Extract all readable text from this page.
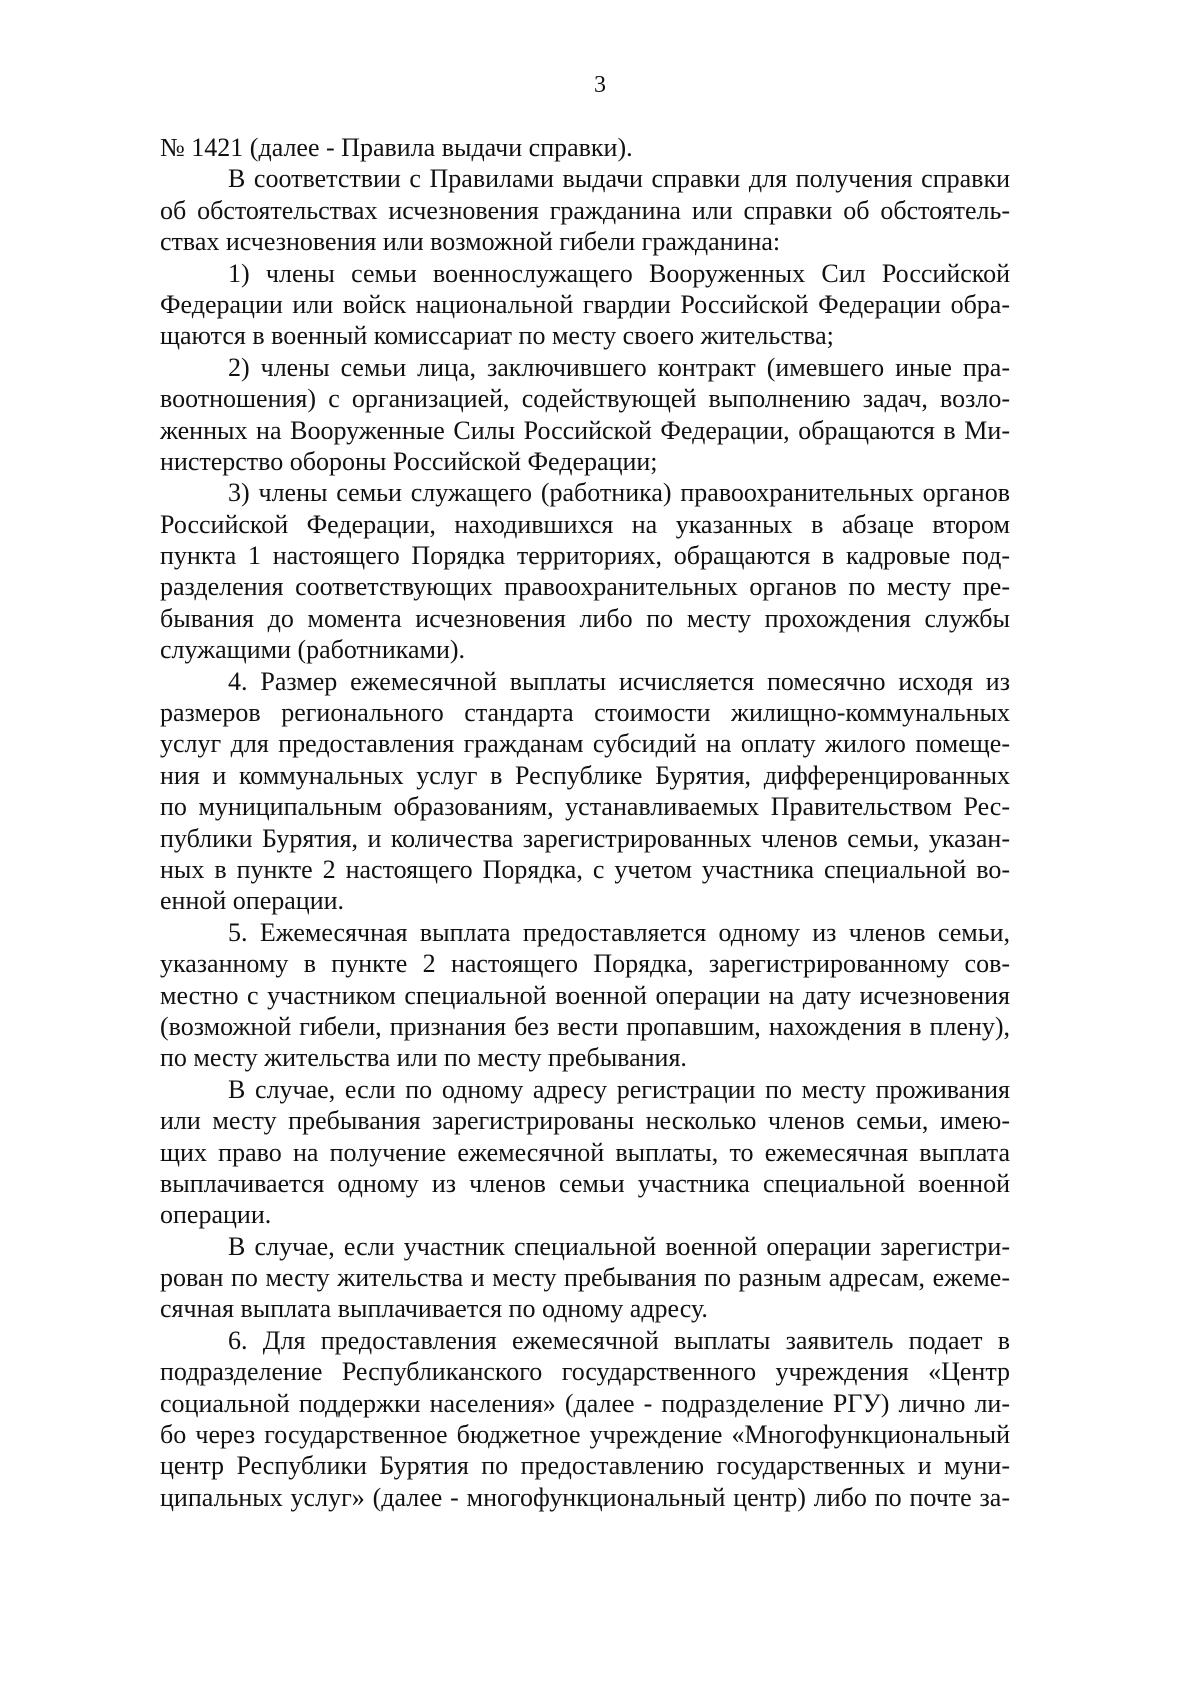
3
№ 1421 (далее - Правила выдачи справки).
В соответствии с Правилами выдачи справки для получения справки
об обстоятельствах исчезновения гражданина или справки об обстоятель-
ствах исчезновения или возможной гибели гражданина:
1) члены семьи военнослужащего Вооруженных Сил Российской
Федерации или войск национальной гвардии Российской Федерации обра-
щаются в военный комиссариат по месту своего жительства;
2) члены семьи лица, заключившего контракт (имевшего иные пра-
воотношения) с организацией, содействующей выполнению задач, возло-
женных на Вооруженные Силы Российской Федерации, обращаются в Ми-
нистерство обороны Российской Федерации;
3) члены семьи служащего (работника) правоохранительных органов
Российской Федерации, находившихся на указанных в абзаце втором
пункта 1 настоящего Порядка территориях, обращаются в кадровые под-
разделения соответствующих правоохранительных органов по месту пре-
бывания до момента исчезновения либо по месту прохождения службы
служащими (работниками).
4. Размер ежемесячной выплаты исчисляется помесячно исходя из
размеров регионального стандарта стоимости жилищно-коммунальных
услуг для предоставления гражданам субсидий на оплату жилого помеще-
ния и коммунальных услуг в Республике Бурятия, дифференцированных
по муниципальным образованиям, устанавливаемых Правительством Рес-
публики Бурятия, и количества зарегистрированных членов семьи, указан-
ных в пункте 2 настоящего Порядка, с учетом участника специальной во-
енной операции.
5. Ежемесячная выплата предоставляется одному из членов семьи,
указанному в пункте 2 настоящего Порядка, зарегистрированному сов-
местно с участником специальной военной операции на дату исчезновения
(возможной гибели, признания без вести пропавшим, нахождения в плену),
по месту жительства или по месту пребывания.
В случае, если по одному адресу регистрации по месту проживания
или месту пребывания зарегистрированы несколько членов семьи, имею-
щих право на получение ежемесячной выплаты, то ежемесячная выплата
выплачивается одному из членов семьи участника специальной военной
операции.
В случае, если участник специальной военной операции зарегистри-
рован по месту жительства и месту пребывания по разным адресам, ежеме-
сячная выплата выплачивается по одному адресу.
6. Для предоставления ежемесячной выплаты заявитель подает в
подразделение Республиканского государственного учреждения «Центр
социальной поддержки населения» (далее - подразделение РГУ) лично ли-
бо через государственное бюджетное учреждение «Многофункциональный
центр Республики Бурятия по предоставлению государственных и муни-
ципальных услуг» (далее - многофункциональный центр) либо по почте за-
